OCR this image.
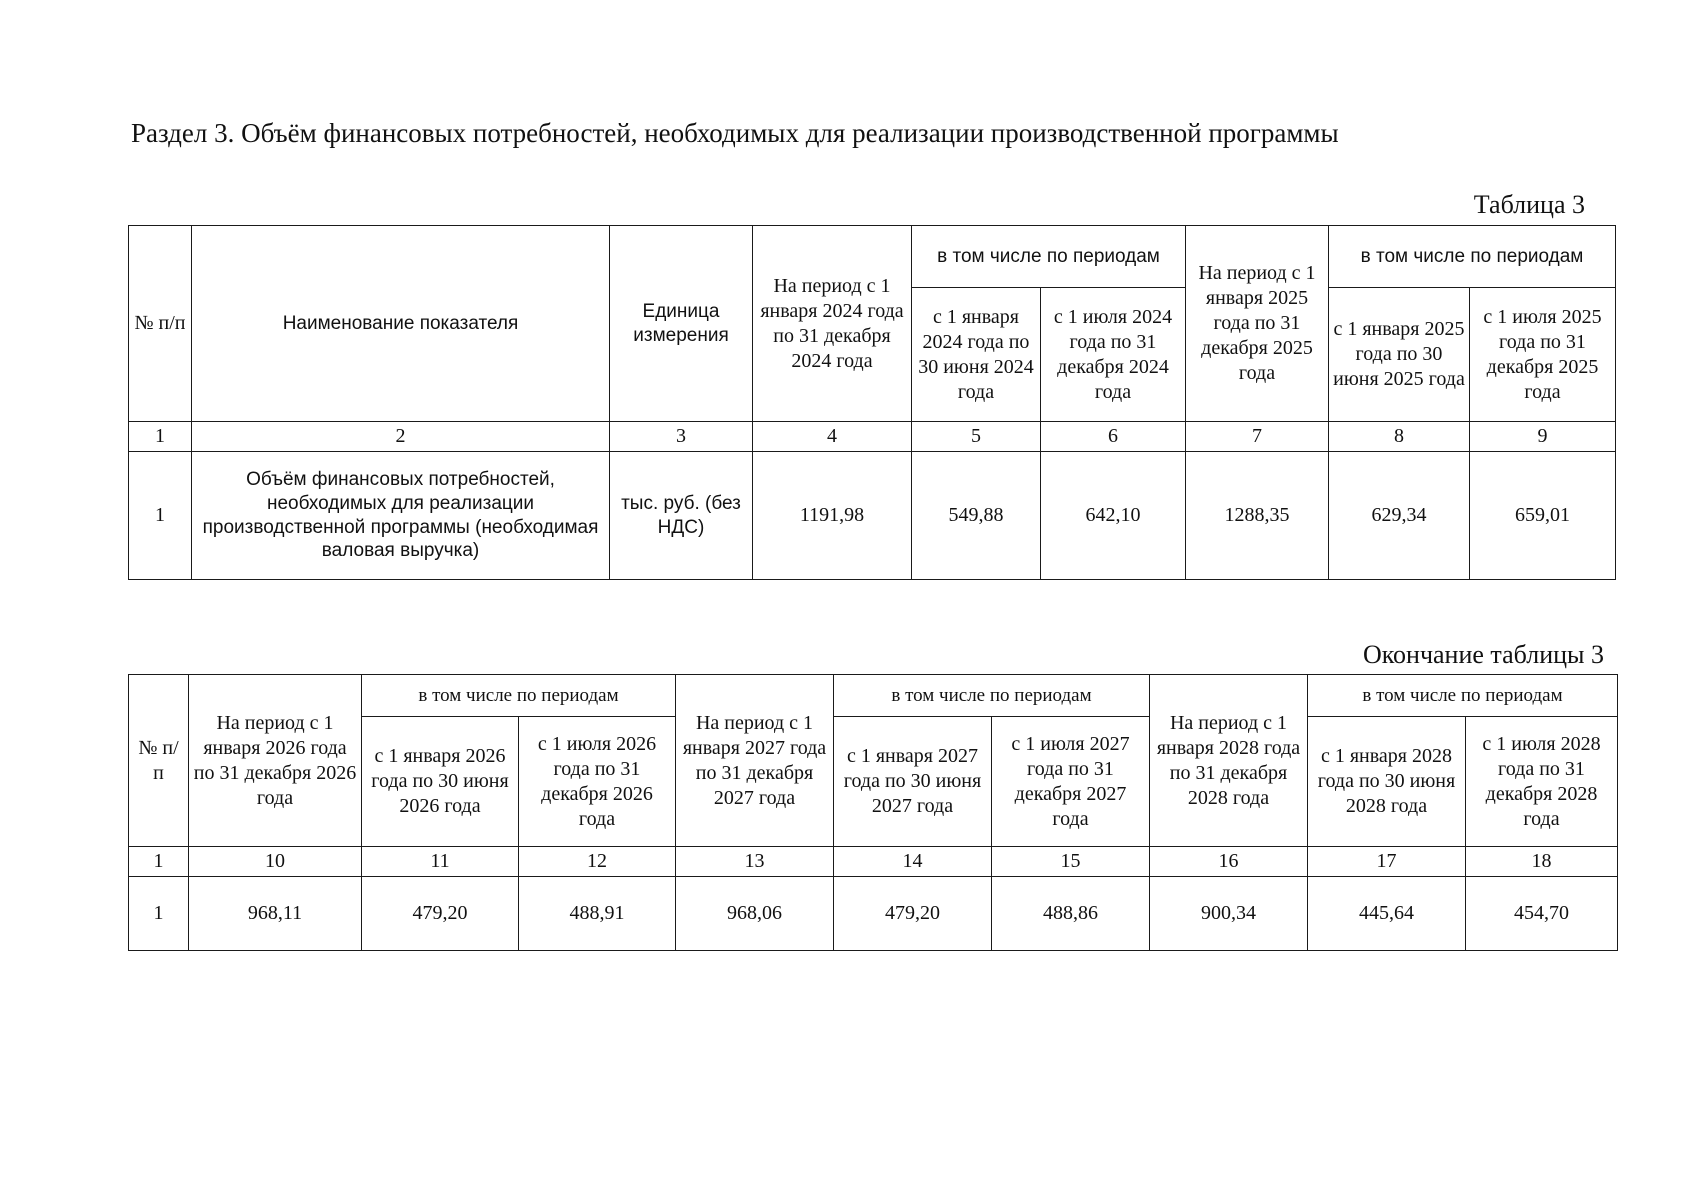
Раздел 3. Объём финансовых потребностей, необходимых для реализации производственной программы
Таблица 3
№ п/п	Наименование показателя	Единица измерения	На период с 1 января 2024 года по 31 декабря 2024 года	в том числе по периодам		На период с 1 января 2025 года по 31 декабря 2025 года	в том числе по периодам	
				с 1 января 2024 года по 30 июня 2024 года	с 1 июля 2024 года по 31 декабря 2024 года		с 1 января 2025 года по 30 июня 2025 года	с 1 июля 2025 года по 31 декабря 2025 года
1	2	3	4	5	6	7	8	9
1	Объём финансовых потребностей, необходимых для реализации производственной программы (необходимая валовая выручка)	тыс. руб. (без НДС)	1191,98	549,88	642,10	1288,35	629,34	659,01
Окончание таблицы 3
№ п/п	На период с 1 января 2026 года по 31 декабря 2026 года	в том числе по периодам		На период с 1 января 2027 года по 31 декабря 2027 года	в том числе по периодам		На период с 1 января 2028 года по 31 декабря 2028 года	в том числе по периодам	
		с 1 января 2026 года по 30 июня 2026 года	с 1 июля 2026 года по 31 декабря 2026 года		с 1 января 2027 года по 30 июня 2027 года	с 1 июля 2027 года по 31 декабря 2027 года		с 1 января 2028 года по 30 июня 2028 года	с 1 июля 2028 года по 31 декабря 2028 года
1	10	11	12	13	14	15	16	17	18
1	968,11	479,20	488,91	968,06	479,20	488,86	900,34	445,64	454,70
